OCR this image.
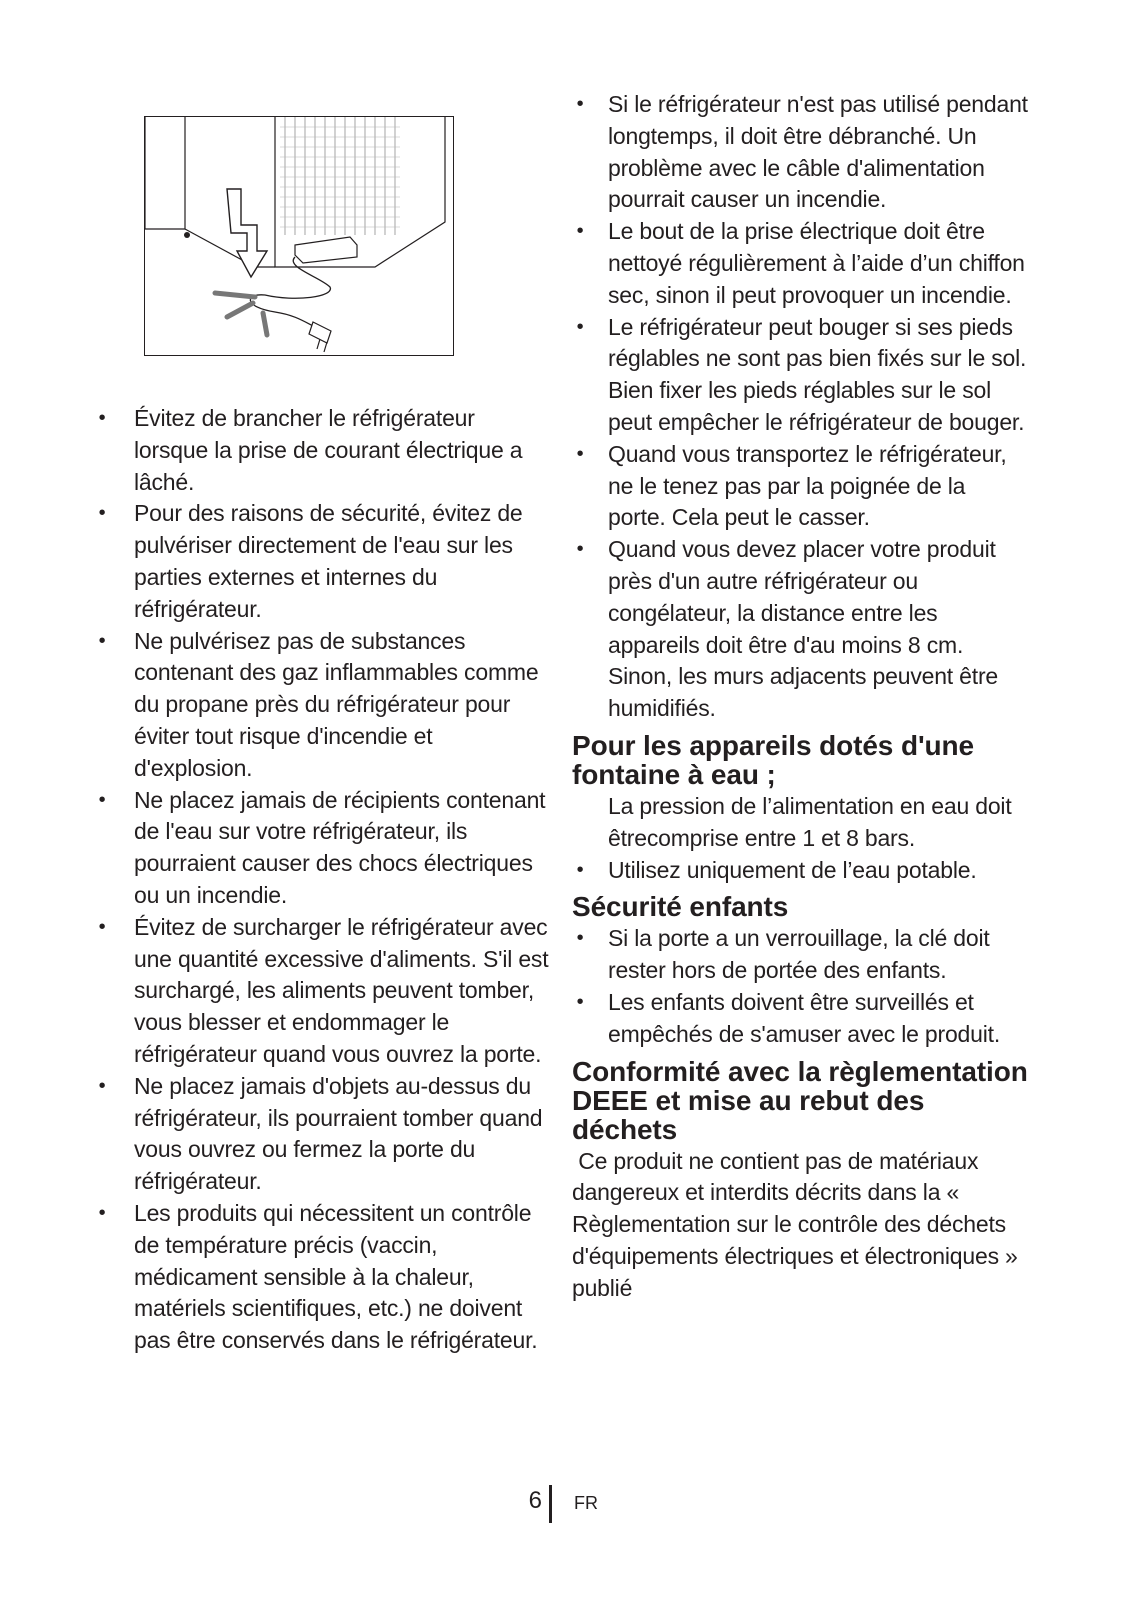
• Évitez de brancher le réfrigérateur lorsque la prise de courant électrique a lâché.
• Pour des raisons de sécurité, évitez de pulvériser directement de l'eau sur les parties externes et internes du réfrigérateur.
• Ne pulvérisez pas de substances contenant des gaz inflammables comme du propane près du réfrigérateur pour éviter tout risque d'incendie et d'explosion.
• Ne placez jamais de récipients contenant de l'eau sur votre réfrigérateur, ils pourraient causer des chocs électriques ou un incendie.
• Évitez de surcharger le réfrigérateur avec une quantité excessive d'aliments. S'il est surchargé, les aliments peuvent tomber, vous blesser et endommager le réfrigérateur quand vous ouvrez la porte.
• Ne placez jamais d'objets au-dessus du réfrigérateur, ils pourraient tomber quand vous ouvrez ou fermez la porte du réfrigérateur.
• Les produits qui nécessitent un contrôle de température précis (vaccin, médicament sensible à la chaleur, matériels scientifiques, etc.) ne doivent pas être conservés dans le réfrigérateur.
• Si le réfrigérateur n'est pas utilisé pendant longtemps, il doit être débranché. Un problème avec le câble d'alimentation pourrait causer un incendie.
• Le bout de la prise électrique doit être nettoyé régulièrement à l’aide d’un chiffon sec, sinon il peut provoquer un incendie.
• Le réfrigérateur peut bouger si ses pieds réglables ne sont pas bien fixés sur le sol. Bien fixer les pieds réglables sur le sol peut empêcher le réfrigérateur de bouger.
• Quand vous transportez le réfrigérateur, ne le tenez pas par la poignée de la porte. Cela peut le casser.
• Quand vous devez placer votre produit près d'un autre réfrigérateur ou congélateur, la distance entre les appareils doit être d'au moins 8 cm. Sinon, les murs adjacents peuvent être humidifiés.
Pour les appareils dotés d'une fontaine à eau ;
La pression de l’alimentation en eau doit êtrecomprise entre 1 et 8 bars.
• Utilisez uniquement de l’eau potable.
Sécurité enfants
• Si la porte a un verrouillage, la clé doit rester hors de portée des enfants.
• Les enfants doivent être surveillés et empêchés de s'amuser avec le produit.
Conformité avec la règlementation DEEE et mise au rebut des déchets

Ce produit ne contient pas de matériaux dangereux et interdits décrits dans la « Règlementation sur le contrôle des déchets d'équipements électriques et électroniques » publié

6 FR
